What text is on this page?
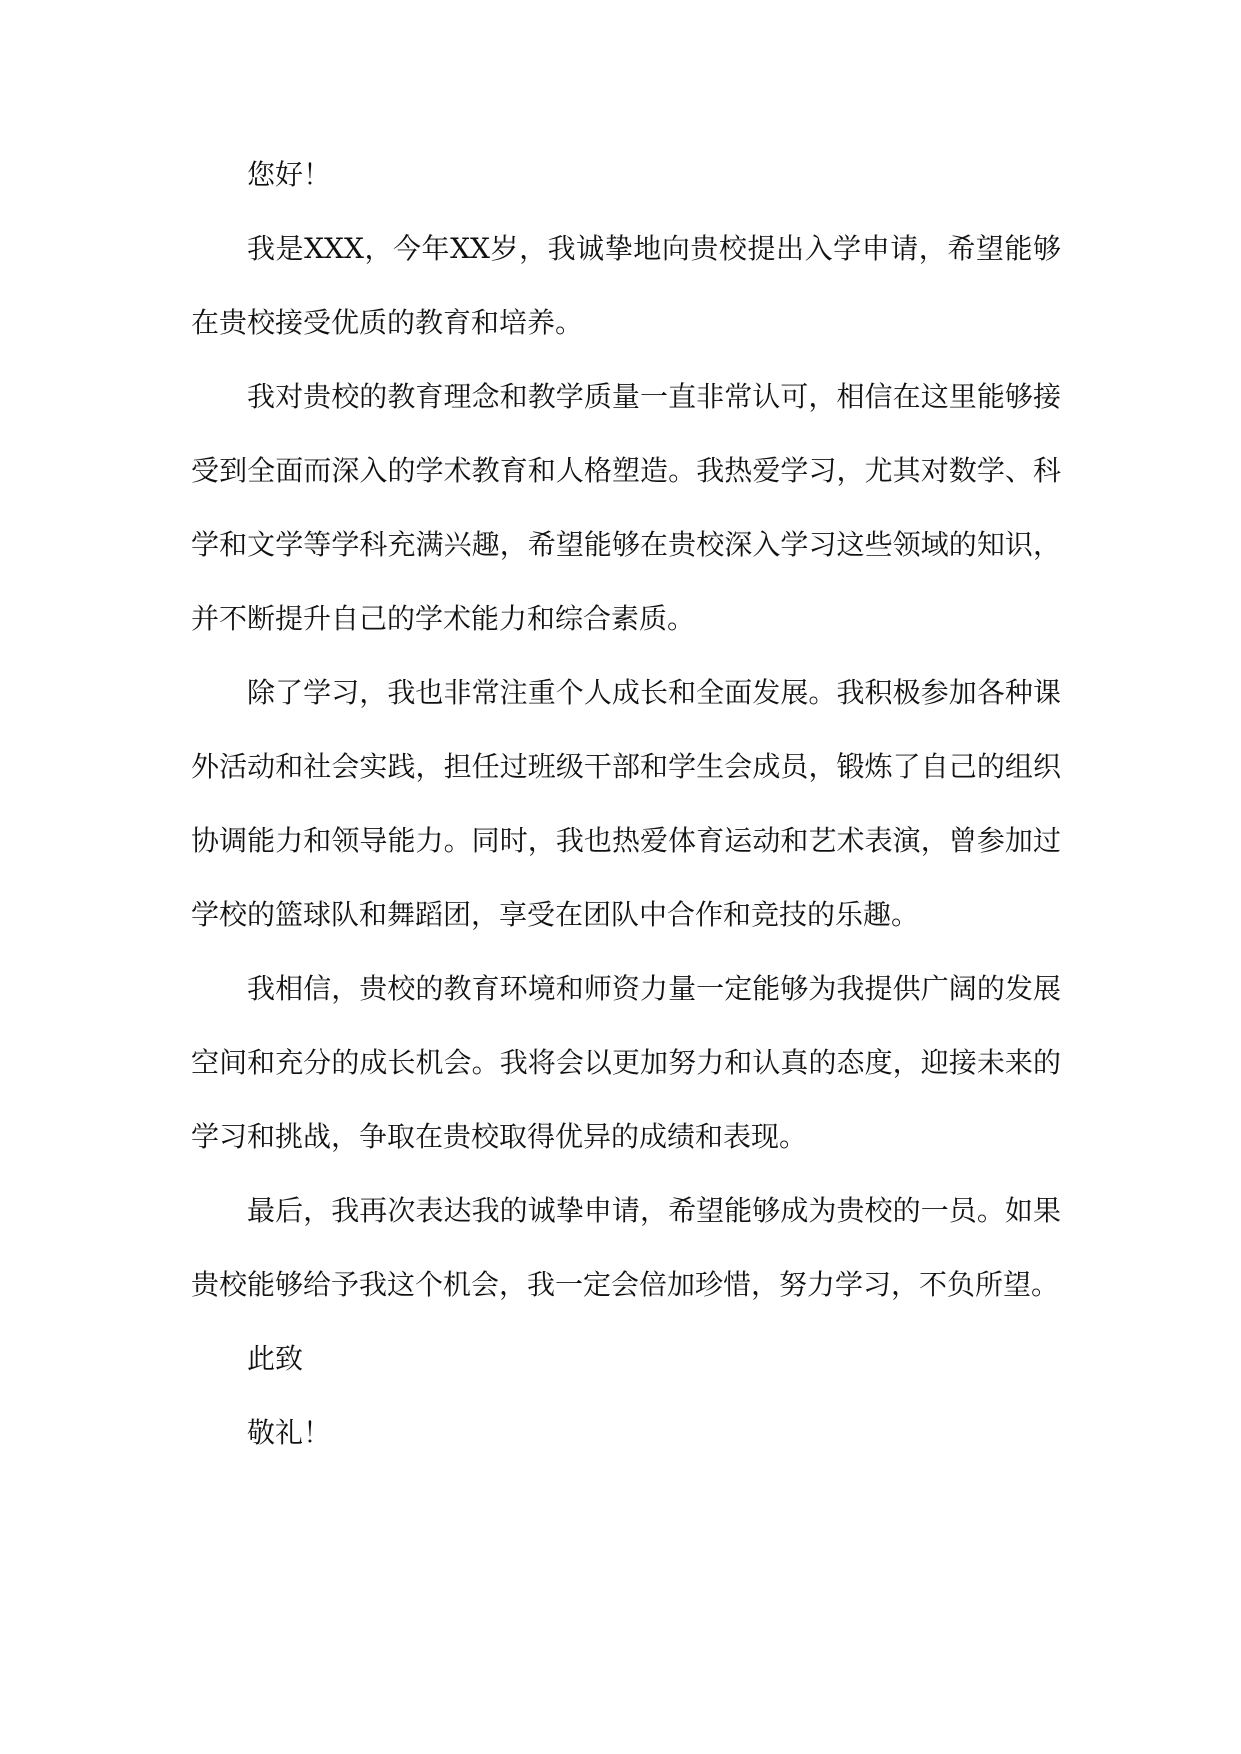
您好！

我是XXX，今年XX岁，我诚挚地向贵校提出入学申请，希望能够在贵校接受优质的教育和培养。

我对贵校的教育理念和教学质量一直非常认可，相信在这里能够接受到全面而深入的学术教育和人格塑造。我热爱学习，尤其对数学、科学和文学等学科充满兴趣，希望能够在贵校深入学习这些领域的知识，并不断提升自己的学术能力和综合素质。

除了学习，我也非常注重个人成长和全面发展。我积极参加各种课外活动和社会实践，担任过班级干部和学生会成员，锻炼了自己的组织协调能力和领导能力。同时，我也热爱体育运动和艺术表演，曾参加过学校的篮球队和舞蹈团，享受在团队中合作和竞技的乐趣。

我相信，贵校的教育环境和师资力量一定能够为我提供广阔的发展空间和充分的成长机会。我将会以更加努力和认真的态度，迎接未来的学习和挑战，争取在贵校取得优异的成绩和表现。

最后，我再次表达我的诚挚申请，希望能够成为贵校的一员。如果贵校能够给予我这个机会，我一定会倍加珍惜，努力学习，不负所望。

此致

敬礼！
